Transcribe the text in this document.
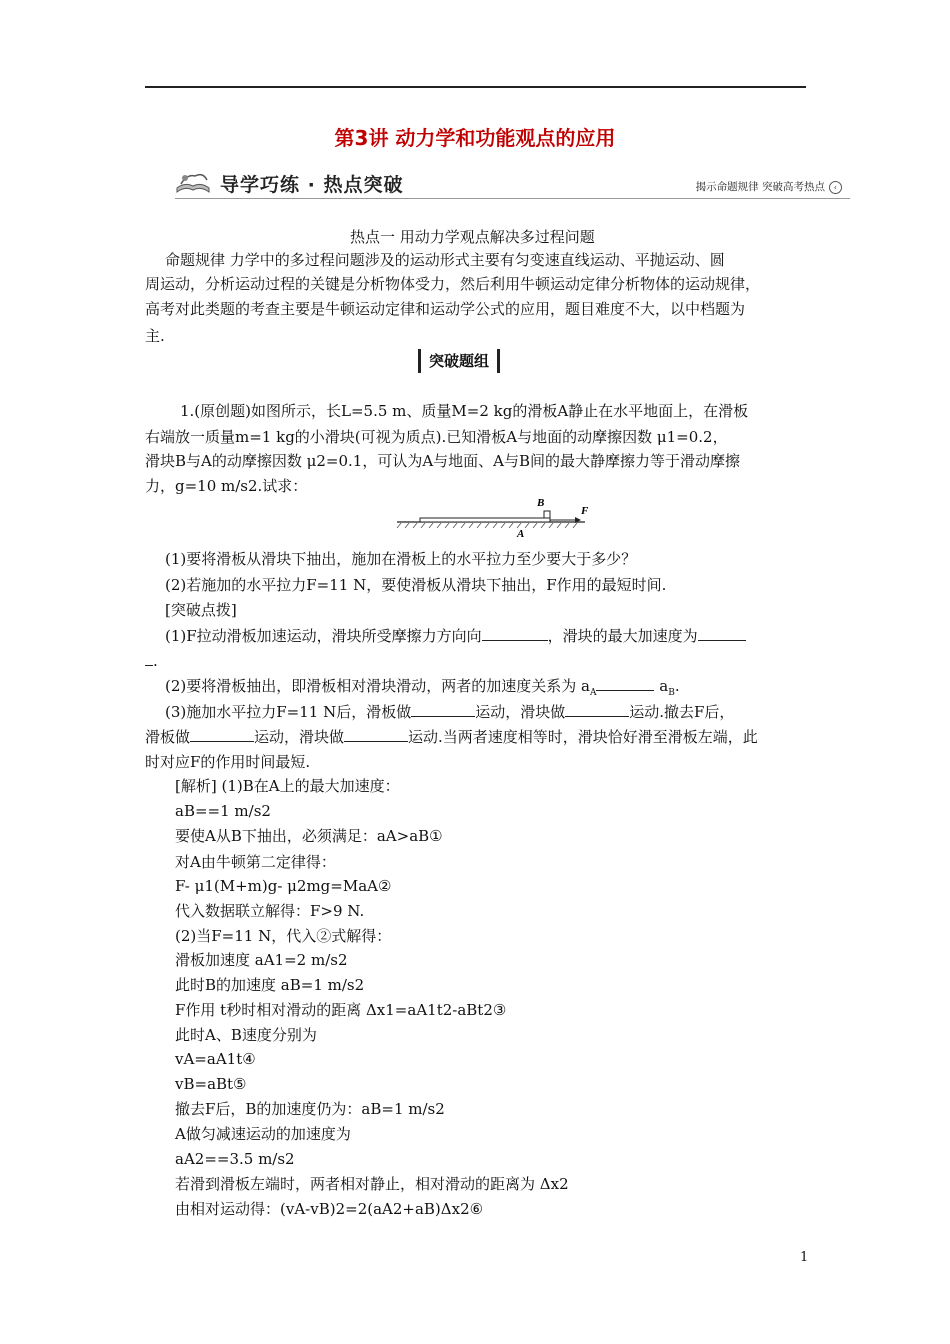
第3讲 动力学和功能观点的应用
导学巧练 · 热点突破	揭示命题规律 突破高考热点 ‹
热点一 用动力学观点解决多过程问题
命题规律 力学中的多过程问题涉及的运动形式主要有匀变速直线运动、平抛运动、圆
周运动，分析运动过程的关键是分析物体受力，然后利用牛顿运动定律分析物体的运动规律，
高考对此类题的考查主要是牛顿运动定律和运动学公式的应用，题目难度不大，以中档题为
主.
突破题组
1.(原创题)如图所示，长L=5.5 m、质量M=2 kg的滑板A静止在水平地面上，在滑板
右端放一质量m=1 kg的小滑块(可视为质点).已知滑板A与地面的动摩擦因数 μ1=0.2，
滑块B与A的动摩擦因数 μ2=0.1，可认为A与地面、A与B间的最大静摩擦力等于滑动摩擦
力，g=10 m/s2.试求：
B
A
F
(1)要将滑板从滑块下抽出，施加在滑板上的水平拉力至少要大于多少？
(2)若施加的水平拉力F=11 N，要使滑板从滑块下抽出，F作用的最短时间.
[突破点拨]
(1)F拉动滑板加速运动，滑块所受摩擦力方向向	，滑块的最大加速度为
.
(2)要将滑板抽出，即滑板相对滑块滑动，两者的加速度关系为 $a_A$	$a_B$.
(3)施加水平拉力F=11 N后，滑板做	运动，滑块做	运动.撤去F后，
滑板做	运动，滑块做	运动.当两者速度相等时，滑块恰好滑至滑板左端，此
时对应F的作用时间最短.
[解析] (1)B在A上的最大加速度：
aB==1 m/s2
要使A从B下抽出，必须满足：aA>aB①
对A由牛顿第二定律得：
F- μ1(M+m)g- μ2mg=MaA②
代入数据联立解得：F>9 N.
(2)当F=11 N，代入②式解得：
滑板加速度 aA1=2 m/s2
此时B的加速度 aB=1 m/s2
F作用 t秒时相对滑动的距离 Δx1=aA1t2-aBt2③
此时A、B速度分别为
vA=aA1t④
vB=aBt⑤
撤去F后，B的加速度仍为：aB=1 m/s2
A做匀减速运动的加速度为
aA2==3.5 m/s2
若滑到滑板左端时，两者相对静止，相对滑动的距离为 Δx2
由相对运动得：(vA-vB)2=2(aA2+aB)Δx2⑥
1
